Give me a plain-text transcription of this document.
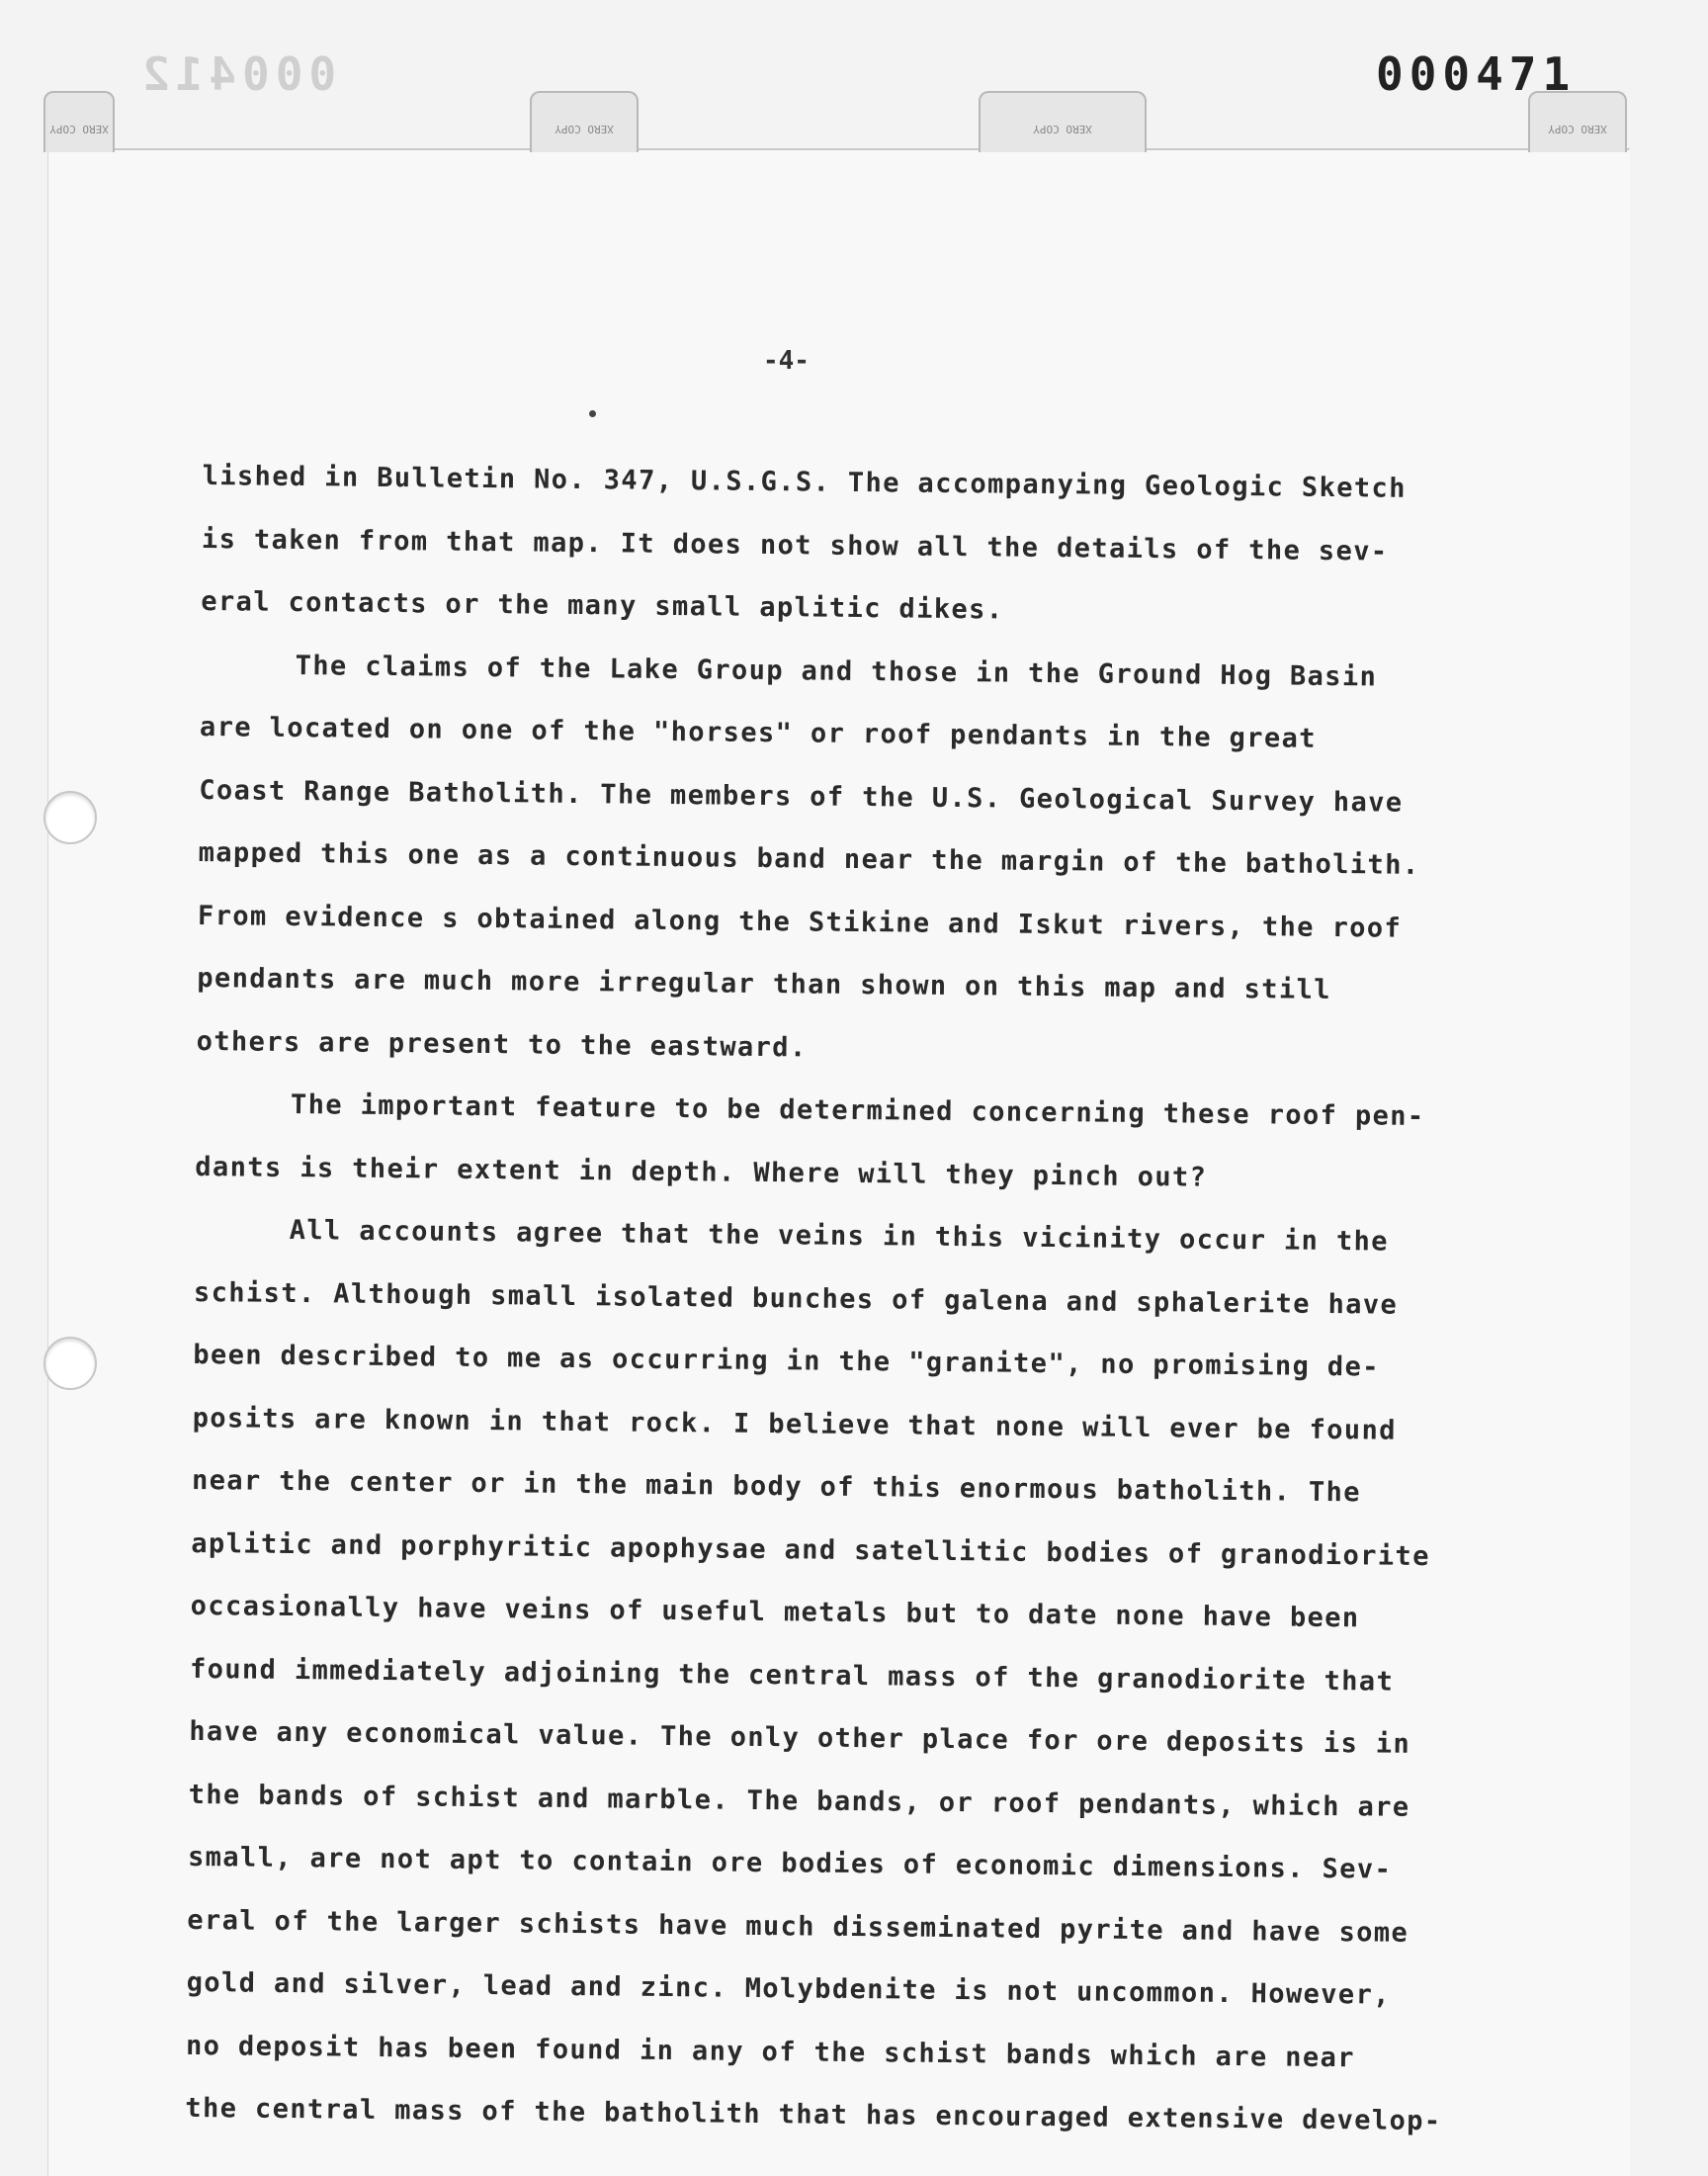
XERO COPY	XERO COPY	XERO COPY	XERO COPY
000412	000471
-4-
lished in Bulletin No. 347, U.S.G.S. The accompanying Geologic Sketch
is taken from that map. It does not show all the details of the sev-
eral contacts or the many small aplitic dikes.
The claims of the Lake Group and those in the Ground Hog Basin
are located on one of the "horses" or roof pendants in the great
Coast Range Batholith. The members of the U.S. Geological Survey have
mapped this one as a continuous band near the margin of the batholith.
From evidence s obtained along the Stikine and Iskut rivers, the roof
pendants are much more irregular than shown on this map and still
others are present to the eastward.
The important feature to be determined concerning these roof pen-
dants is their extent in depth. Where will they pinch out?
All accounts agree that the veins in this vicinity occur in the
schist. Although small isolated bunches of galena and sphalerite have
been described to me as occurring in the "granite", no promising de-
posits are known in that rock. I believe that none will ever be found
near the center or in the main body of this enormous batholith. The
aplitic and porphyritic apophysae and satellitic bodies of granodiorite
occasionally have veins of useful metals but to date none have been
found immediately adjoining the central mass of the granodiorite that
have any economical value. The only other place for ore deposits is in
the bands of schist and marble. The bands, or roof pendants, which are
small, are not apt to contain ore bodies of economic dimensions. Sev-
eral of the larger schists have much disseminated pyrite and have some
gold and silver, lead and zinc. Molybdenite is not uncommon. However,
no deposit has been found in any of the schist bands which are near
the central mass of the batholith that has encouraged extensive develop-
